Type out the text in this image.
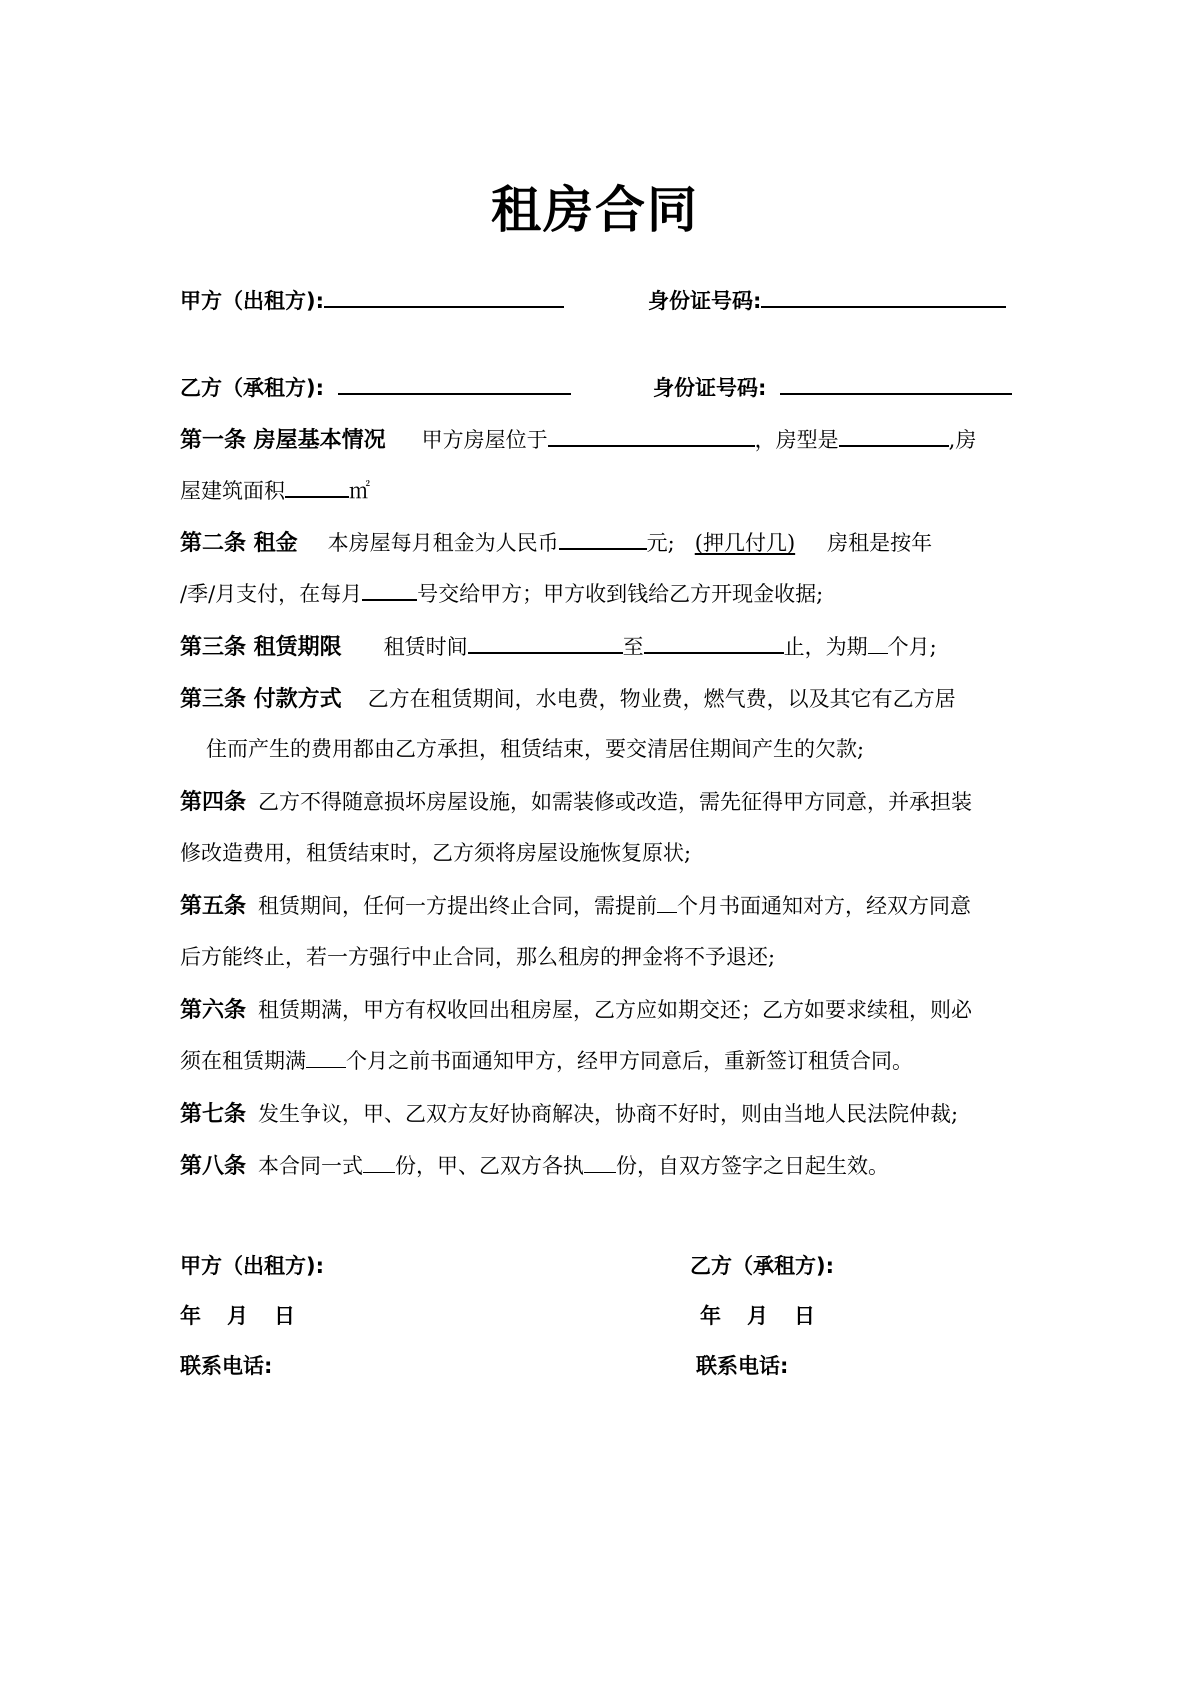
租房合同
甲方（出租方):	身份证号码:
乙方（承租方):	身份证号码:
第一条 房屋基本情况 甲方房屋位于	，房型是	,房
屋建筑面积	㎡
第二条 租金 本房屋每月租金为人民币	元; (押几付几) 房租是按年
/季/月支付，在每月	号交给甲方；甲方收到钱给乙方开现金收据;
第三条 租赁期限 租赁时间	至	止，为期 个月;
第三条 付款方式 乙方在租赁期间，水电费，物业费，燃气费，以及其它有乙方居
住而产生的费用都由乙方承担，租赁结束，要交清居住期间产生的欠款;
第四条 乙方不得随意损坏房屋设施，如需装修或改造，需先征得甲方同意，并承担装
修改造费用，租赁结束时，乙方须将房屋设施恢复原状;
第五条 租赁期间，任何一方提出终止合同，需提前 个月书面通知对方，经双方同意
后方能终止，若一方强行中止合同，那么租房的押金将不予退还;
第六条 租赁期满，甲方有权收回出租房屋，乙方应如期交还；乙方如要求续租，则必
须在租赁期满 个月之前书面通知甲方，经甲方同意后，重新签订租赁合同。
第七条 发生争议，甲、乙双方友好协商解决，协商不好时，则由当地人民法院仲裁;
第八条 本合同一式 份，甲、乙双方各执 份，自双方签字之日起生效。
甲方（出租方):	乙方（承租方):
年 月 日	年 月 日
联系电话:	联系电话:
